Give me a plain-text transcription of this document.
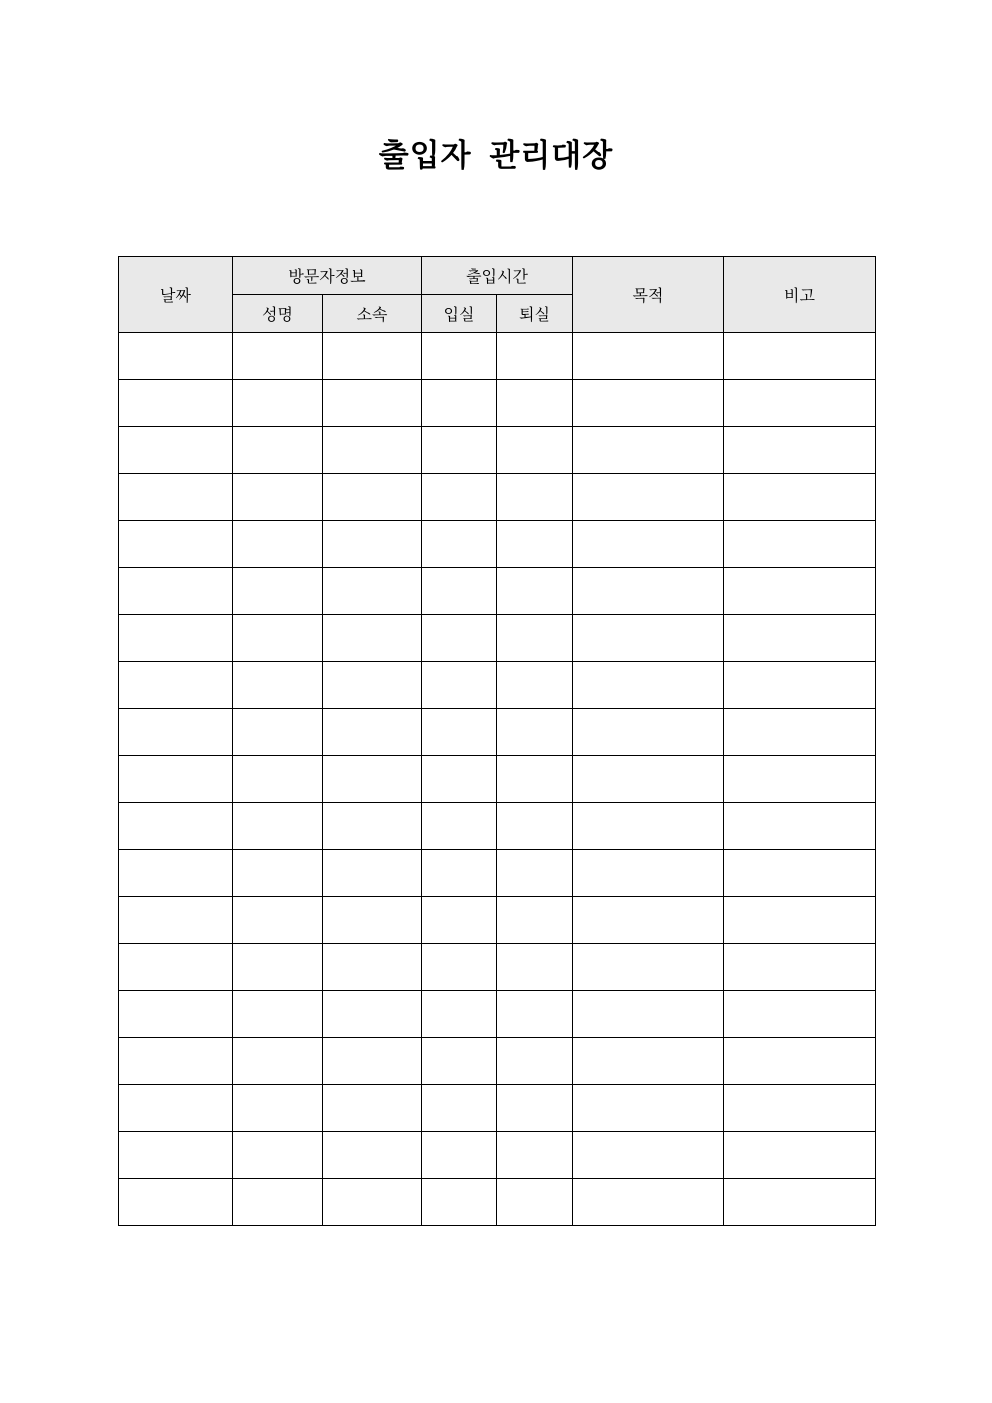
출입자 관리대장
날짜	방문자정보		출입시간		목적	비고
	성명	소속	입실	퇴실		
